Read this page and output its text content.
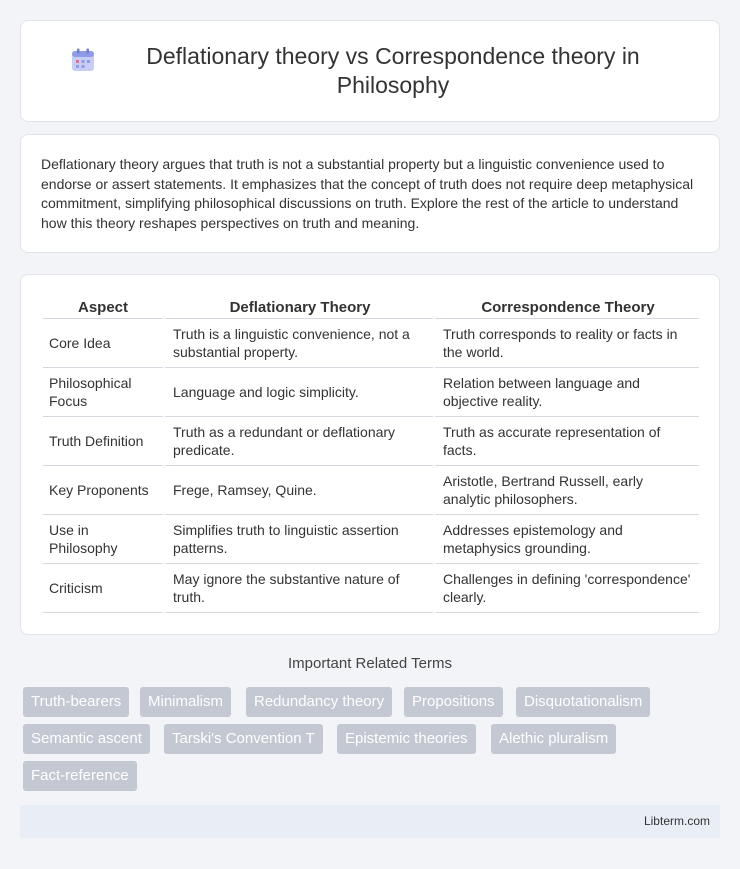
Deflationary theory vs Correspondence theory in Philosophy

Deflationary theory argues that truth is not a substantial property but a linguistic convenience used to endorse or assert statements. It emphasizes that the concept of truth does not require deep metaphysical commitment, simplifying philosophical discussions on truth. Explore the rest of the article to understand how this theory reshapes perspectives on truth and meaning.

Aspect	Deflationary Theory	Correspondence Theory
Core Idea	Truth is a linguistic convenience, not a substantial property.	Truth corresponds to reality or facts in the world.
Philosophical Focus	Language and logic simplicity.	Relation between language and objective reality.
Truth Definition	Truth as a redundant or deflationary predicate.	Truth as accurate representation of facts.
Key Proponents	Frege, Ramsey, Quine.	Aristotle, Bertrand Russell, early analytic philosophers.
Use in Philosophy	Simplifies truth to linguistic assertion patterns.	Addresses epistemology and metaphysics grounding.
Criticism	May ignore the substantive nature of truth.	Challenges in defining 'correspondence' clearly.
Important Related Terms
Truth-bearers	Minimalism	Redundancy theory	Propositions	Disquotationalism
Semantic ascent	Tarski's Convention T	Epistemic theories	Alethic pluralism
Fact-reference
Libterm.com
